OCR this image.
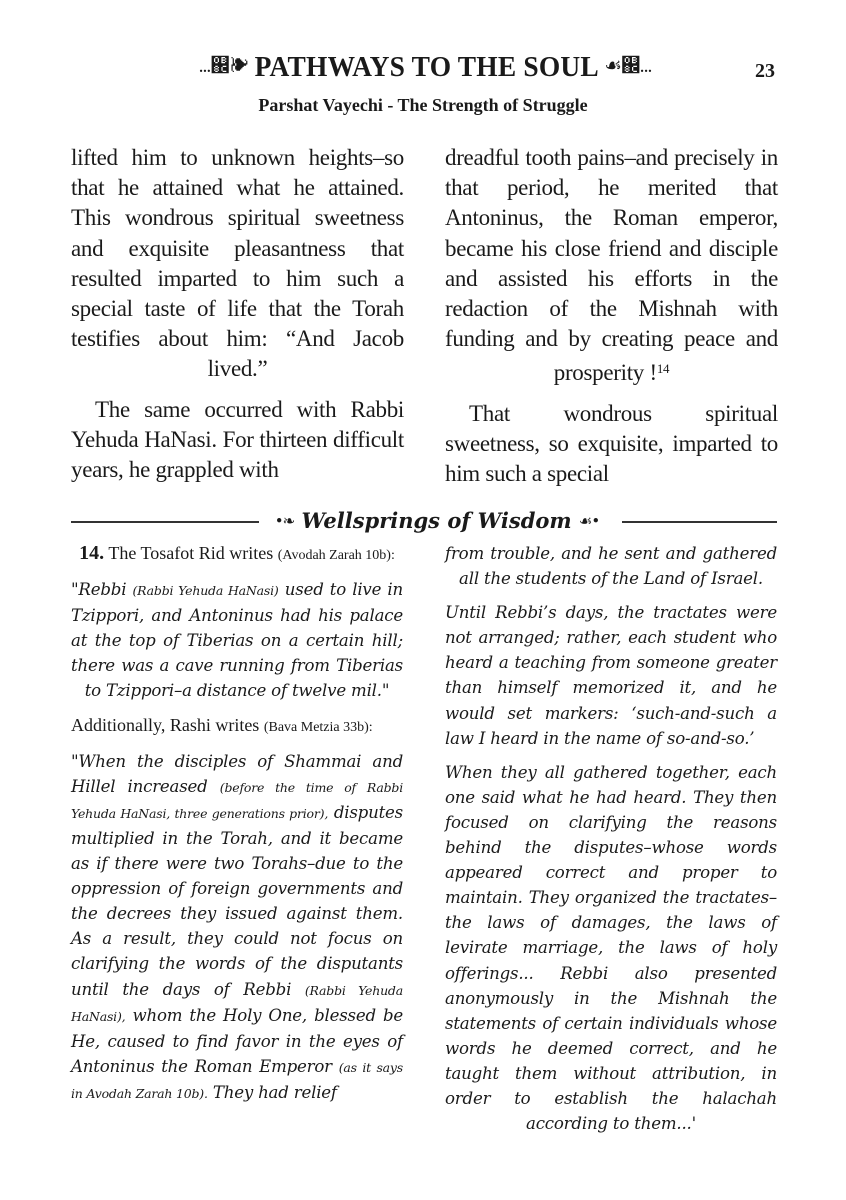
...஌❧ PATHWAYS TO THE SOUL ☙஌...	23
Parshat Vayechi - The Strength of Struggle

lifted him to unknown heights–so that he attained what he attained. This wondrous spiritual sweetness and exquisite pleasantness that resulted imparted to him such a special taste of life that the Torah testifies about him: “And Jacob lived.”

The same occurred with Rabbi Yehuda HaNasi. For thirteen difficult years, he grappled with

dreadful tooth pains–and precisely in that period, he merited that Antoninus, the Roman emperor, became his close friend and disciple and assisted his efforts in the redaction of the Mishnah with funding and by creating peace and prosperity !$^{14}$

That wondrous spiritual sweetness, so exquisite, imparted to him such a special

•❧ Wellsprings of Wisdom ☙•

14. The Tosafot Rid writes (Avodah Zarah 10b):

"Rebbi (Rabbi Yehuda HaNasi) used to live in Tzippori, and Antoninus had his palace at the top of Tiberias on a certain hill; there was a cave running from Tiberias to Tzippori–a distance of twelve mil."

Additionally, Rashi writes (Bava Metzia 33b):

"When the disciples of Shammai and Hillel increased (before the time of Rabbi Yehuda HaNasi, three generations prior), disputes multiplied in the Torah, and it became as if there were two Torahs–due to the oppression of foreign governments and the decrees they issued against them. As a result, they could not focus on clarifying the words of the disputants until the days of Rebbi (Rabbi Yehuda HaNasi), whom the Holy One, blessed be He, caused to find favor in the eyes of Antoninus the Roman Emperor (as it says in Avodah Zarah 10b). They had relief

from trouble, and he sent and gathered all the students of the Land of Israel.

Until Rebbi’s days, the tractates were not arranged; rather, each student who heard a teaching from someone greater than himself memorized it, and he would set markers: ‘such-and-such a law I heard in the name of so-and-so.’

When they all gathered together, each one said what he had heard. They then focused on clarifying the reasons behind the disputes–whose words appeared correct and proper to maintain. They organized the tractates–the laws of damages, the laws of levirate marriage, the laws of holy offerings... Rebbi also presented anonymously in the Mishnah the statements of certain individuals whose words he deemed correct, and he taught them without attribution, in order to establish the halachah according to them...'
